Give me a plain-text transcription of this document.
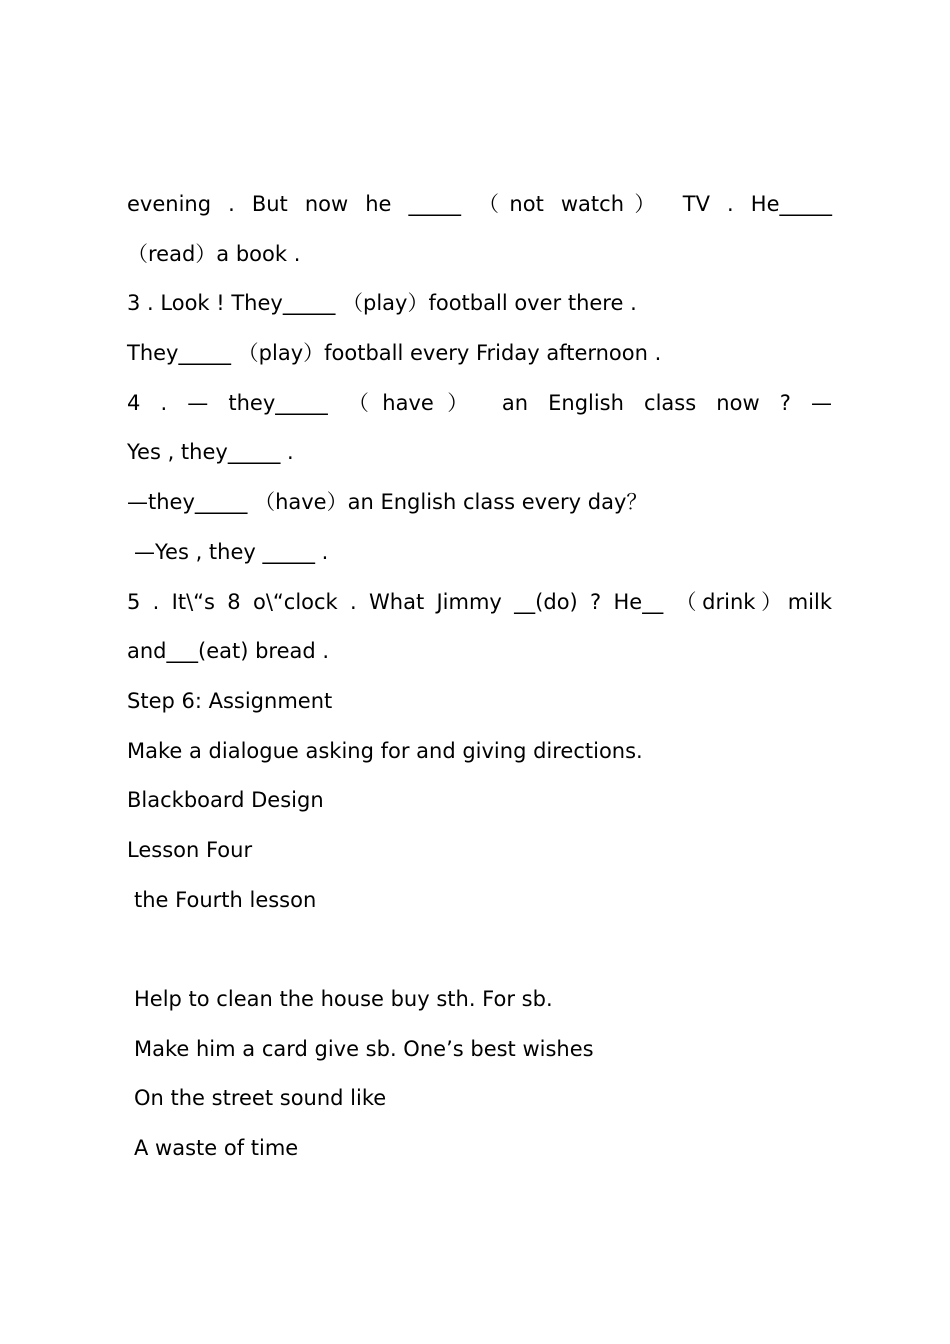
evening . But now he _____ （not watch） TV . He_____
（read）a book .
3 . Look ! They_____ （play）football over there .
They_____ （play）football every Friday afternoon .
4 . — they_____ （have） an English class now ? —
Yes , they_____ .
—they_____ （have）an English class every day？
—Yes , they _____ .
5 . It\“s 8 o\“clock . What Jimmy __(do) ? He__ （drink）milk
and___(eat) bread .
Step 6: Assignment
Make a dialogue asking for and giving directions.
Blackboard Design
Lesson Four
the Fourth lesson
Help to clean the house buy sth. For sb.
Make him a card give sb. One’s best wishes
On the street sound like
A waste of time
